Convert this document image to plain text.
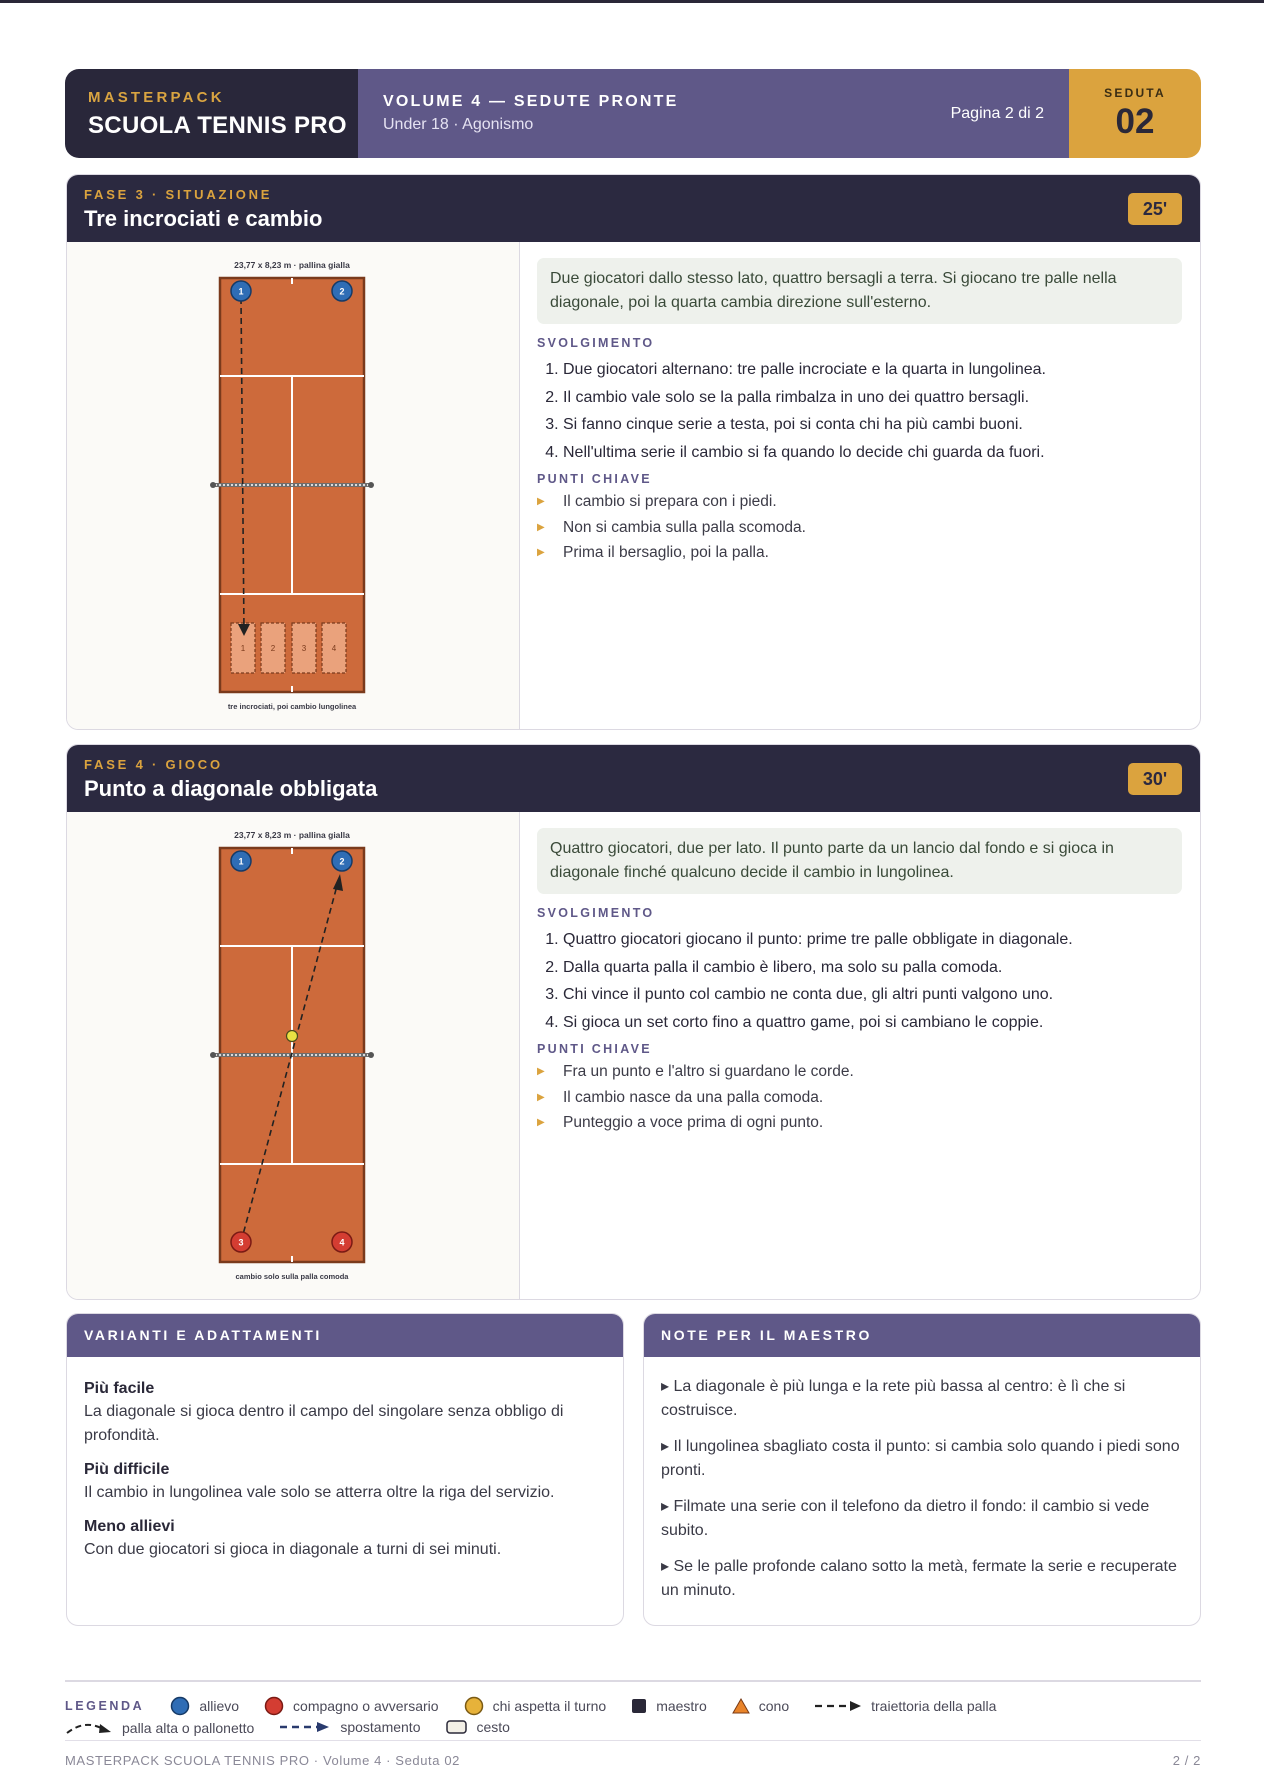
MASTERPACK
SCUOLA TENNIS PRO
VOLUME 4 — SEDUTE PRONTE
Under 18 · Agonismo
Pagina 2 di 2
SEDUTA
02
FASE 3 · SITUAZIONE
Tre incrociati e cambio	25'
23,77 x 8,23 m · pallina gialla
1	2	3	4
1	2
tre incrociati, poi cambio lungolinea
Due giocatori dallo stesso lato, quattro bersagli a terra. Si giocano tre palle nella diagonale, poi la quarta cambia direzione sull'esterno.
SVOLGIMENTO
1. Due giocatori alternano: tre palle incrociate e la quarta in lungolinea.
2. Il cambio vale solo se la palla rimbalza in uno dei quattro bersagli.
3. Si fanno cinque serie a testa, poi si conta chi ha più cambi buoni.
4. Nell'ultima serie il cambio si fa quando lo decide chi guarda da fuori.
PUNTI CHIAVE
▶ Il cambio si prepara con i piedi.
▶ Non si cambia sulla palla scomoda.
▶ Prima il bersaglio, poi la palla.
FASE 4 · GIOCO
Punto a diagonale obbligata	30'
23,77 x 8,23 m · pallina gialla
1	2
3	4
cambio solo sulla palla comoda
Quattro giocatori, due per lato. Il punto parte da un lancio dal fondo e si gioca in diagonale finché qualcuno decide il cambio in lungolinea.
SVOLGIMENTO
1. Quattro giocatori giocano il punto: prime tre palle obbligate in diagonale.
2. Dalla quarta palla il cambio è libero, ma solo su palla comoda.
3. Chi vince il punto col cambio ne conta due, gli altri punti valgono uno.
4. Si gioca un set corto fino a quattro game, poi si cambiano le coppie.
PUNTI CHIAVE
▶ Fra un punto e l'altro si guardano le corde.
▶ Il cambio nasce da una palla comoda.
▶ Punteggio a voce prima di ogni punto.
VARIANTI E ADATTAMENTI
Più facile
La diagonale si gioca dentro il campo del singolare senza obbligo di profondità.
Più difficile
Il cambio in lungolinea vale solo se atterra oltre la riga del servizio.
Meno allievi
Con due giocatori si gioca in diagonale a turni di sei minuti.
NOTE PER IL MAESTRO
▸ La diagonale è più lunga e la rete più bassa al centro: è lì che si costruisce.
▸ Il lungolinea sbagliato costa il punto: si cambia solo quando i piedi sono pronti.
▸ Filmate una serie con il telefono da dietro il fondo: il cambio si vede subito.
▸ Se le palle profonde calano sotto la metà, fermate la serie e recuperate un minuto.
LEGENDA	allievo	compagno o avversario	chi aspetta il turno	maestro	cono	traiettoria della palla
palla alta o pallonetto	spostamento	cesto
MASTERPACK SCUOLA TENNIS PRO · Volume 4 · Seduta 02	2 / 2
